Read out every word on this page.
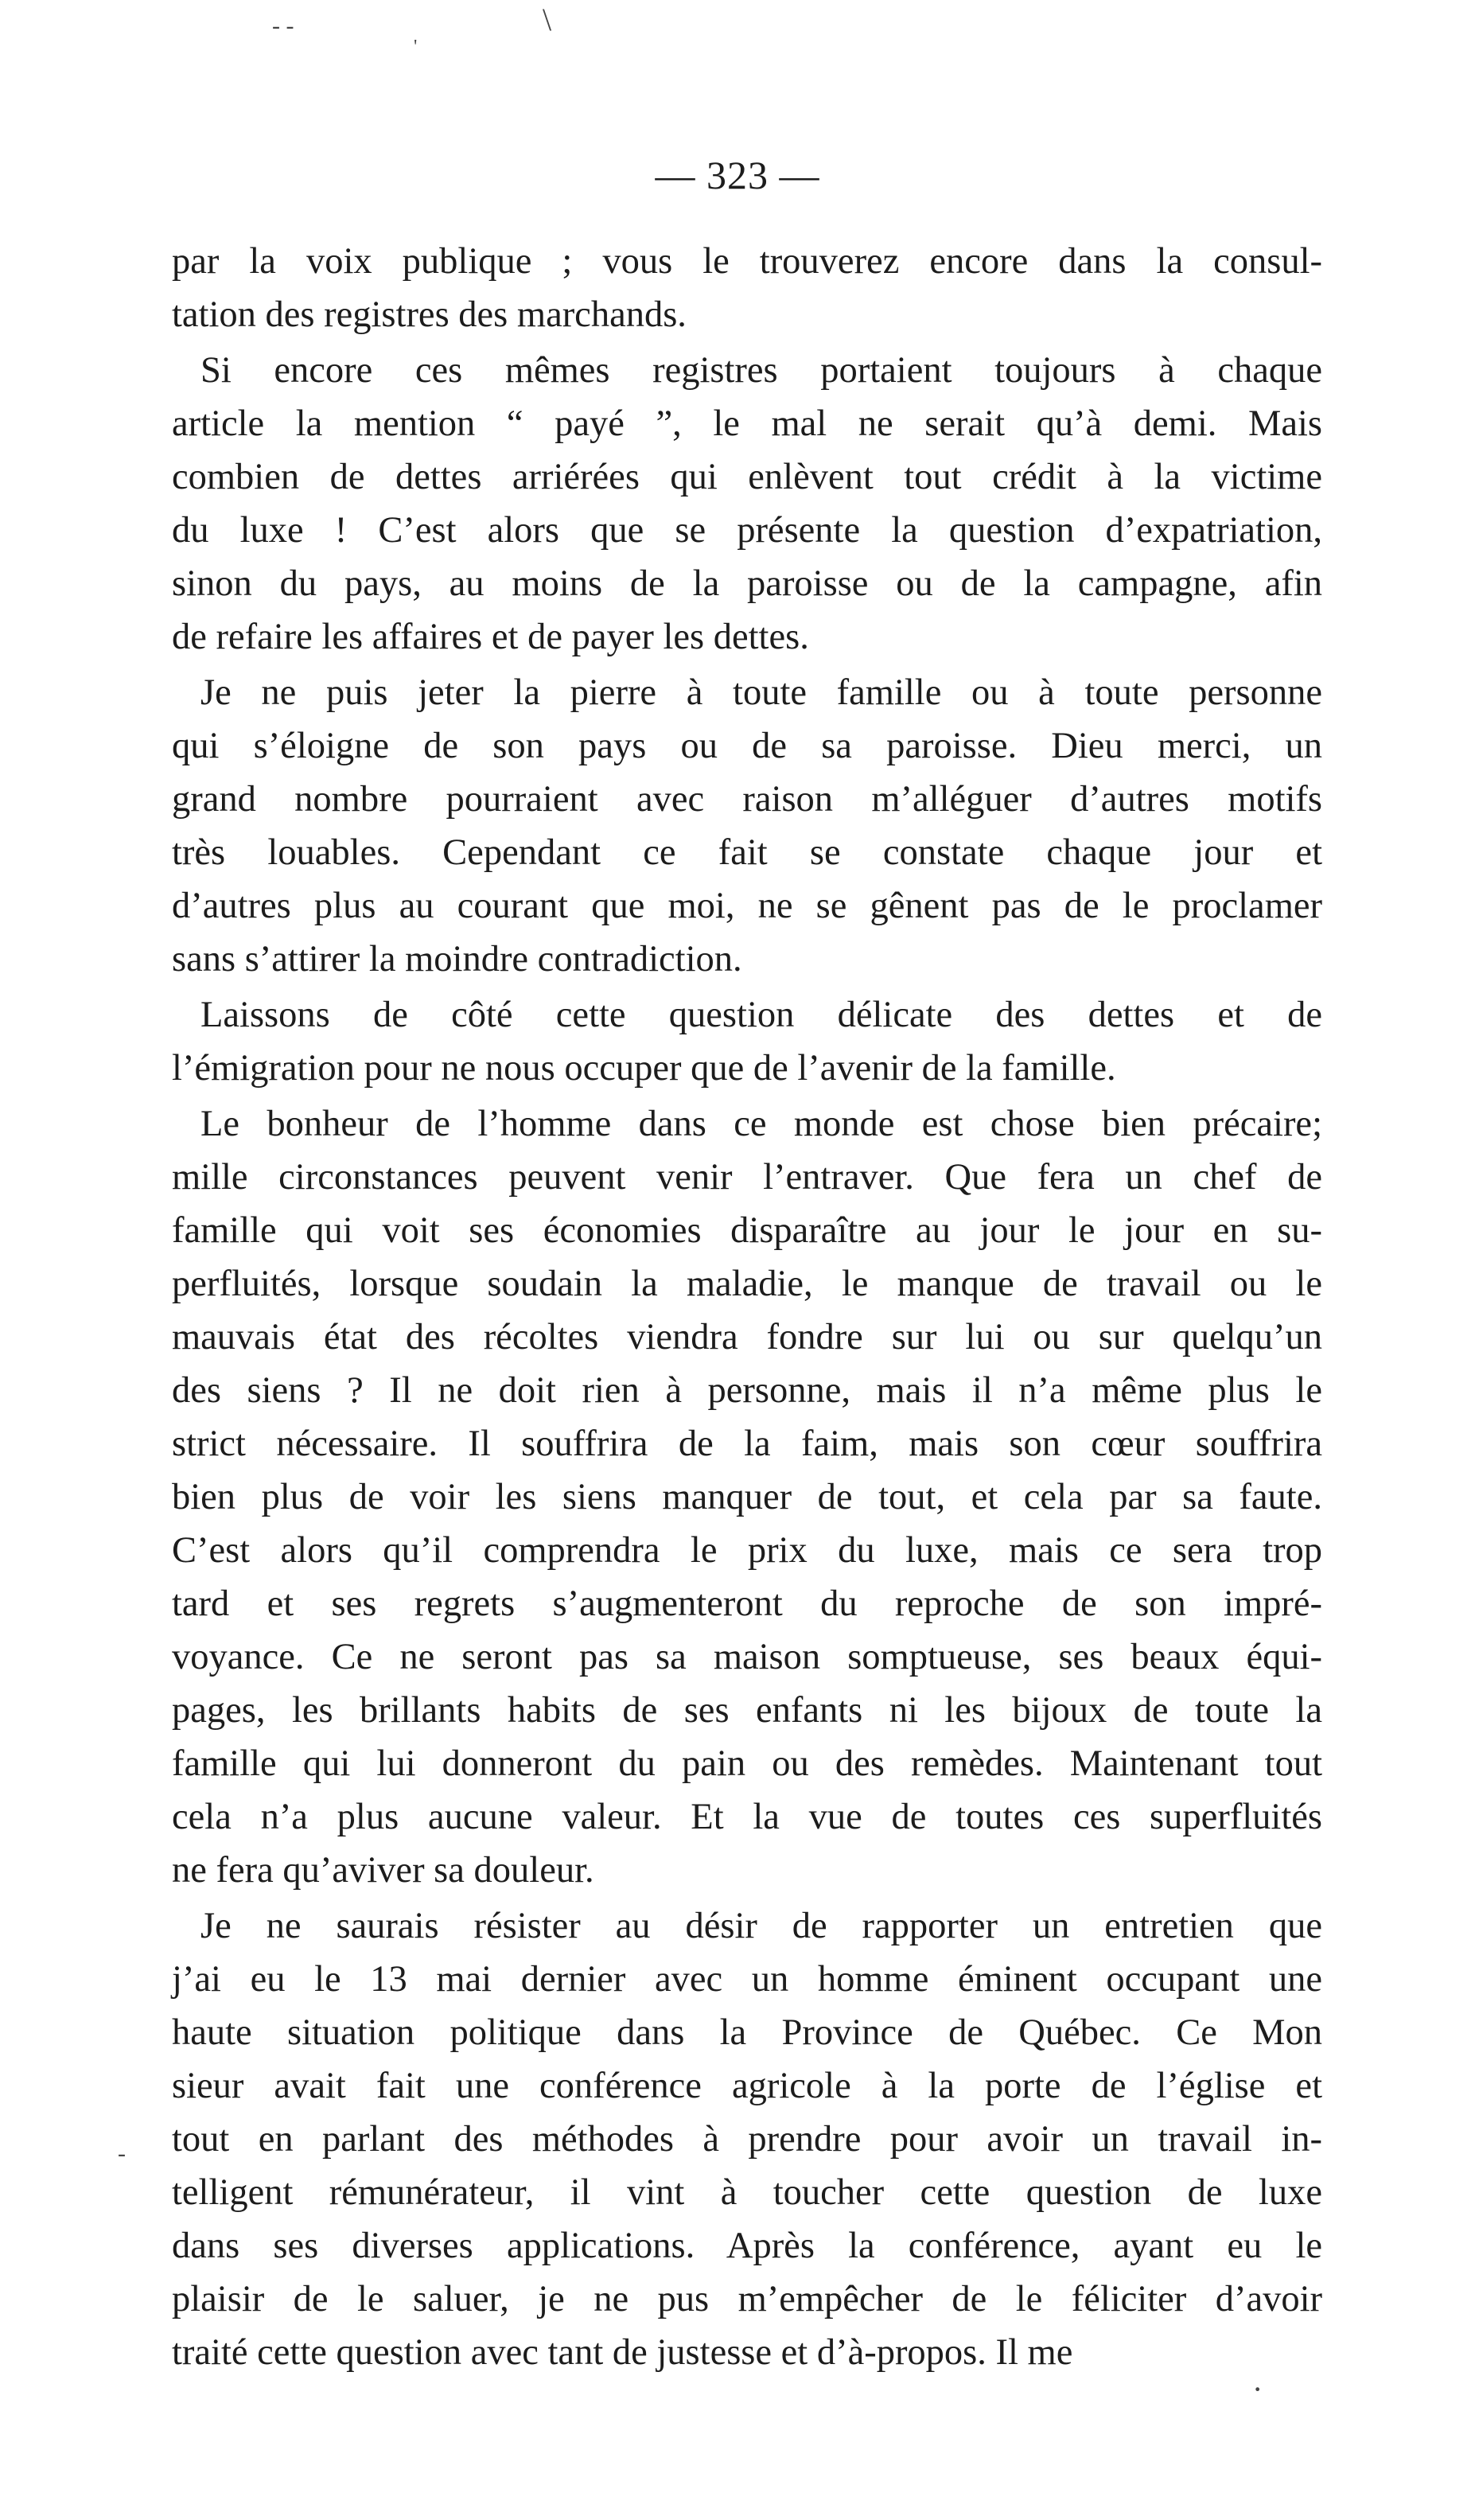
- -	\
'
-
·
— 323 —
par la voix publique ; vous le trouverez encore dans la consul-
tation des registres des marchands.
Si encore ces mêmes registres portaient toujours à chaque
article la mention “ payé ”, le mal ne serait qu’à demi. Mais
combien de dettes arriérées qui enlèvent tout crédit à la victime
du luxe ! C’est alors que se présente la question d’expatriation,
sinon du pays, au moins de la paroisse ou de la campagne, afin
de refaire les affaires et de payer les dettes.
Je ne puis jeter la pierre à toute famille ou à toute personne
qui s’éloigne de son pays ou de sa paroisse. Dieu merci, un
grand nombre pourraient avec raison m’alléguer d’autres motifs
très louables. Cependant ce fait se constate chaque jour et
d’autres plus au courant que moi, ne se gênent pas de le proclamer
sans s’attirer la moindre contradiction.
Laissons de côté cette question délicate des dettes et de
l’émigration pour ne nous occuper que de l’avenir de la famille.
Le bonheur de l’homme dans ce monde est chose bien précaire;
mille circonstances peuvent venir l’entraver. Que fera un chef de
famille qui voit ses économies disparaître au jour le jour en su-
perfluités, lorsque soudain la maladie, le manque de travail ou le
mauvais état des récoltes viendra fondre sur lui ou sur quelqu’un
des siens ? Il ne doit rien à personne, mais il n’a même plus le
strict nécessaire. Il souffrira de la faim, mais son cœur souffrira
bien plus de voir les siens manquer de tout, et cela par sa faute.
C’est alors qu’il comprendra le prix du luxe, mais ce sera trop
tard et ses regrets s’augmenteront du reproche de son impré-
voyance. Ce ne seront pas sa maison somptueuse, ses beaux équi-
pages, les brillants habits de ses enfants ni les bijoux de toute la
famille qui lui donneront du pain ou des remèdes. Maintenant tout
cela n’a plus aucune valeur. Et la vue de toutes ces superfluités
ne fera qu’aviver sa douleur.
Je ne saurais résister au désir de rapporter un entretien que
j’ai eu le 13 mai dernier avec un homme éminent occupant une
haute situation politique dans la Province de Québec. Ce Mon
sieur avait fait une conférence agricole à la porte de l’église et
tout en parlant des méthodes à prendre pour avoir un travail in-
telligent rémunérateur, il vint à toucher cette question de luxe
dans ses diverses applications. Après la conférence, ayant eu le
plaisir de le saluer, je ne pus m’empêcher de le féliciter d’avoir
traité cette question avec tant de justesse et d’à-propos. Il me
